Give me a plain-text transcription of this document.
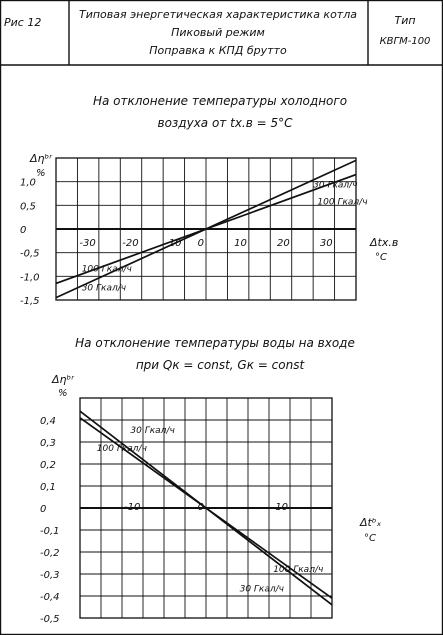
Рис 12
Типовая энергетическая характеристика котла
Пиковый режим
Поправка к КПД брутто
Тип
КВГМ-100
На отклонение температуры холодного
воздуха от tх.в = 5°С
Δηᵇʳ
%
Δtх.в
°С
1,0
0,5
0
-0,5
-1,0
-1,5
-30	-20	-10 0	10	20	30
30 Гкал/ч
100 Гкал/ч
100 Гкал/ч
30 Гкал/ч
На отклонение температуры воды на входе
при Qк = const, Gк = const
Δηᵇʳ
%
Δtᵇₓ
°С
0,4
0,3
0,2
0,1
0
-0,1
-0,2
-0,3
-0,4
-0,5
-10	0	10
30 Гкал/ч
100 Гкал/ч
100 Гкал/ч
30 Гкал/ч
